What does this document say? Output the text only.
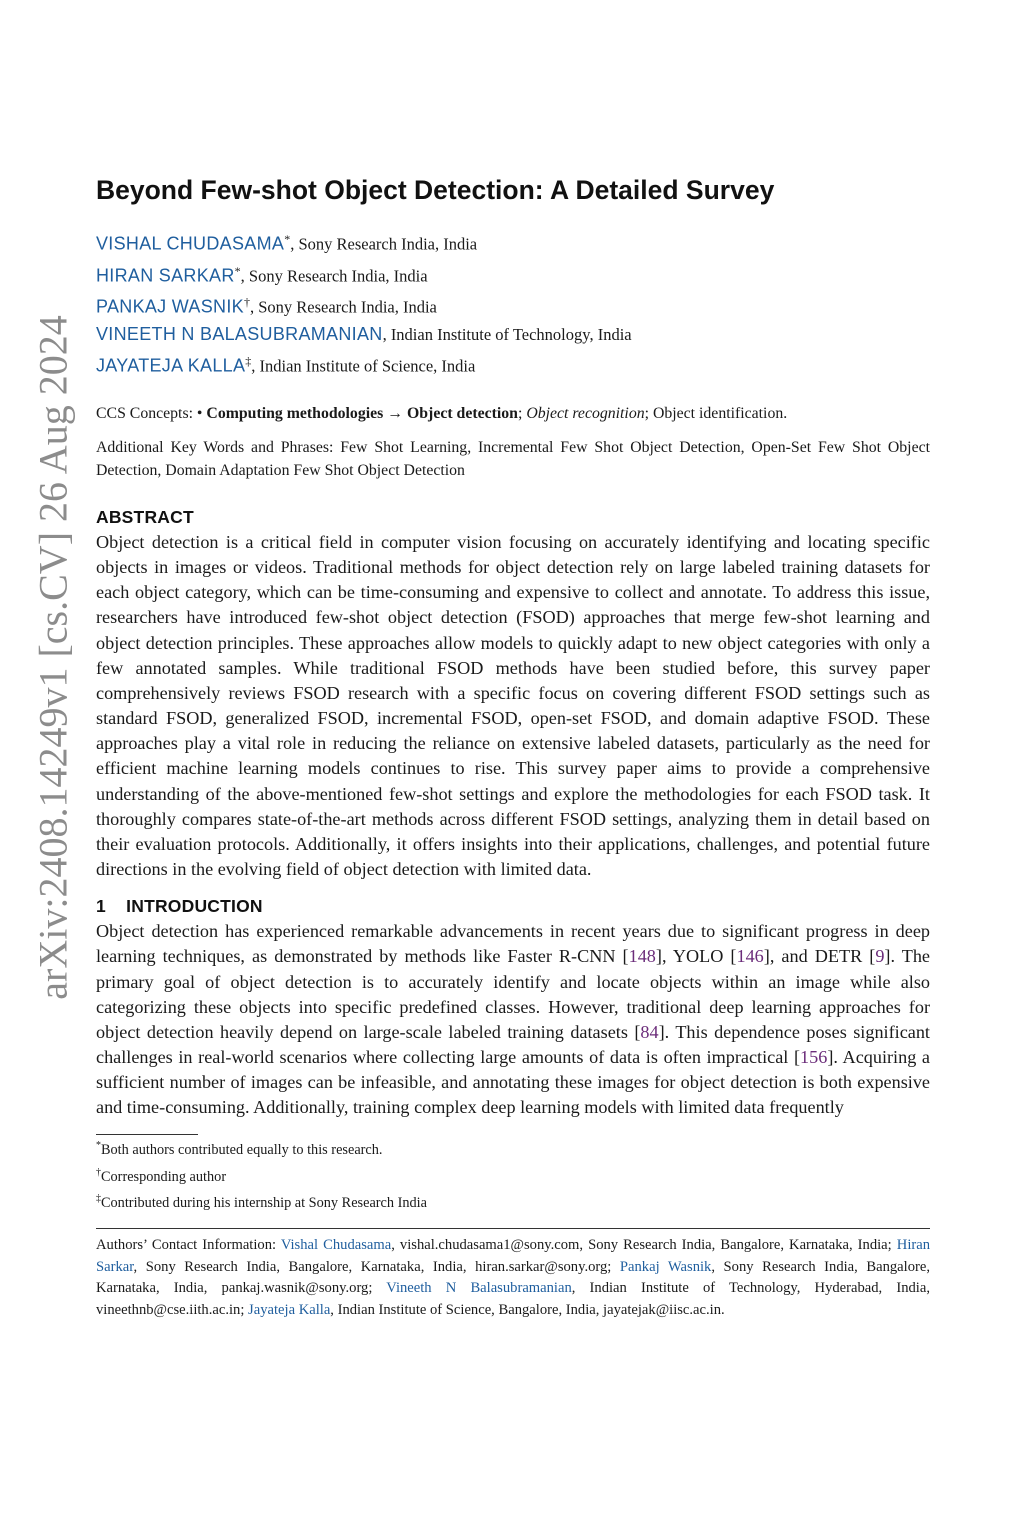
arXiv:2408.14249v1 [cs.CV] 26 Aug 2024
Beyond Few-shot Object Detection: A Detailed Survey
VISHAL CHUDASAMA*, Sony Research India, India
HIRAN SARKAR*, Sony Research India, India
PANKAJ WASNIK†, Sony Research India, India
VINEETH N BALASUBRAMANIAN, Indian Institute of Technology, India
JAYATEJA KALLA‡, Indian Institute of Science, India
CCS Concepts: • Computing methodologies → Object detection; Object recognition; Object identification.
Additional Key Words and Phrases: Few Shot Learning, Incremental Few Shot Object Detection, Open-Set Few Shot Object Detection, Domain Adaptation Few Shot Object Detection
ABSTRACT
Object detection is a critical field in computer vision focusing on accurately identifying and locating specific objects in images or videos. Traditional methods for object detection rely on large labeled training datasets for each object category, which can be time-consuming and expensive to collect and annotate. To address this issue, researchers have introduced few-shot object detection (FSOD) approaches that merge few-shot learning and object detection principles. These approaches allow models to quickly adapt to new object categories with only a few annotated samples. While traditional FSOD methods have been studied before, this survey paper comprehensively reviews FSOD research with a specific focus on covering different FSOD settings such as standard FSOD, generalized FSOD, incremental FSOD, open-set FSOD, and domain adaptive FSOD. These approaches play a vital role in reducing the reliance on extensive labeled datasets, particularly as the need for efficient machine learning models continues to rise. This survey paper aims to provide a comprehensive understanding of the above-mentioned few-shot settings and explore the methodologies for each FSOD task. It thoroughly compares state-of-the-art methods across different FSOD settings, analyzing them in detail based on their evaluation protocols. Additionally, it offers insights into their applications, challenges, and potential future directions in the evolving field of object detection with limited data.
1    INTRODUCTION
Object detection has experienced remarkable advancements in recent years due to significant progress in deep learning techniques, as demonstrated by methods like Faster R-CNN [148], YOLO [146], and DETR [9]. The primary goal of object detection is to accurately identify and locate objects within an image while also categorizing these objects into specific predefined classes. However, traditional deep learning approaches for object detection heavily depend on large-scale labeled training datasets [84]. This dependence poses significant challenges in real-world scenarios where collecting large amounts of data is often impractical [156]. Acquiring a sufficient number of images can be infeasible, and annotating these images for object detection is both expensive and time-consuming. Additionally, training complex deep learning models with limited data frequently
*Both authors contributed equally to this research.
†Corresponding author
‡Contributed during his internship at Sony Research India
Authors’ Contact Information: Vishal Chudasama, vishal.chudasama1@sony.com, Sony Research India, Bangalore, Karnataka, India; Hiran Sarkar, Sony Research India, Bangalore, Karnataka, India, hiran.sarkar@sony.org; Pankaj Wasnik, Sony Research India, Bangalore, Karnataka, India, pankaj.wasnik@sony.org; Vineeth N Balasubramanian, Indian Institute of Technology, Hyderabad, India, vineethnb@cse.iith.ac.in; Jayateja Kalla, Indian Institute of Science, Bangalore, India, jayatejak@iisc.ac.in.
